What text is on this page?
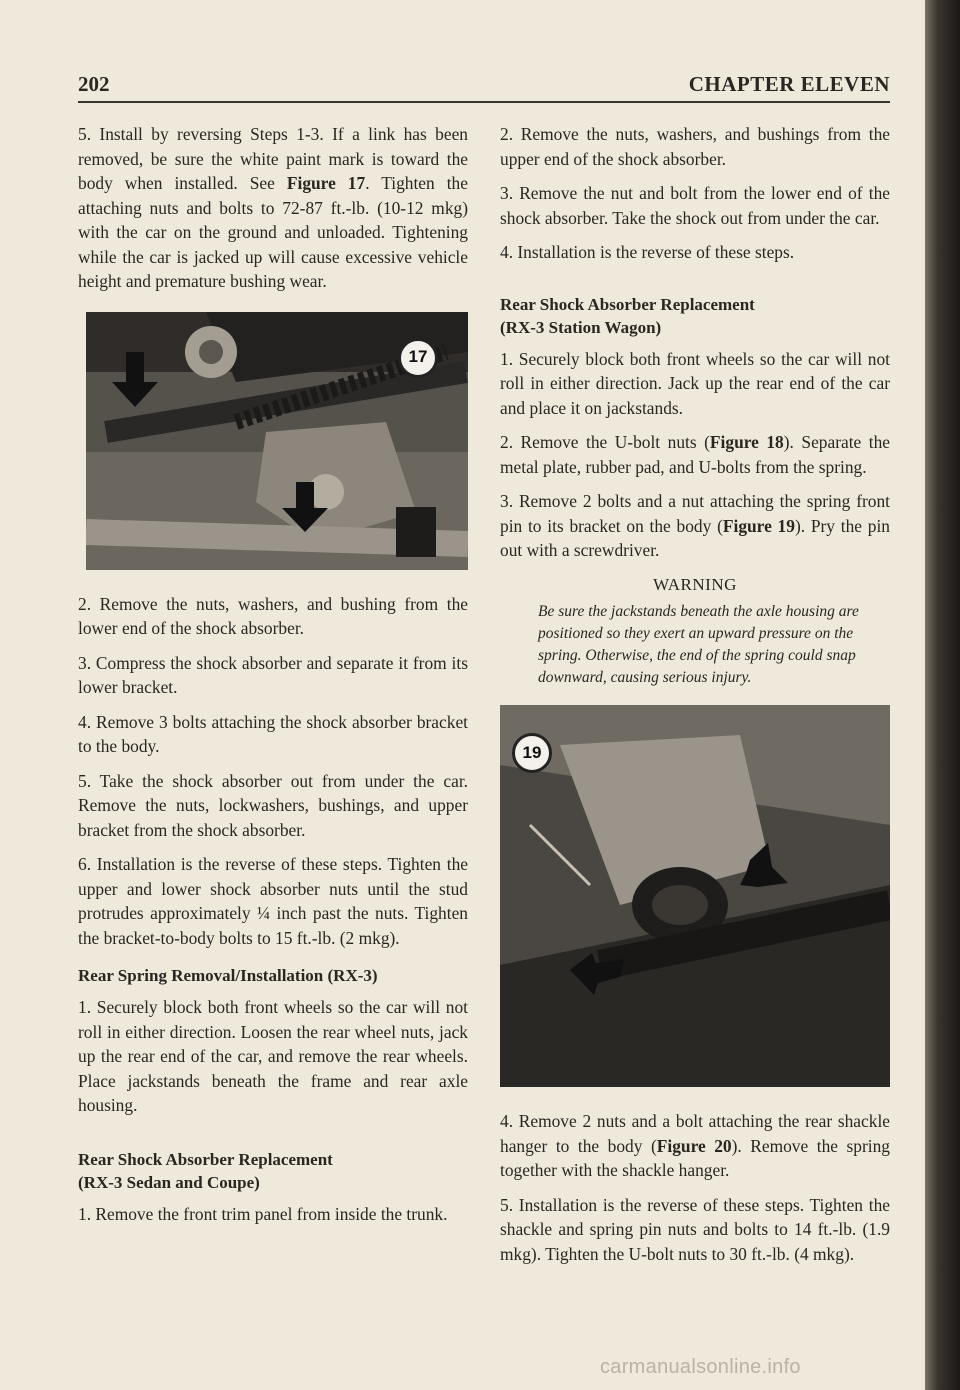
202	CHAPTER ELEVEN

5. Install by reversing Steps 1-3. If a link has been removed, be sure the white paint mark is toward the body when installed. See Figure 17. Tighten the attaching nuts and bolts to 72-87 ft.-lb. (10-12 mkg) with the car on the ground and unloaded. Tightening while the car is jacked up will cause excessive vehicle height and premature bushing wear.

17

2. Remove the nuts, washers, and bushing from the lower end of the shock absorber.

3. Compress the shock absorber and separate it from its lower bracket.

4. Remove 3 bolts attaching the shock absorber bracket to the body.

5. Take the shock absorber out from under the car. Remove the nuts, lockwashers, bushings, and upper bracket from the shock absorber.

6. Installation is the reverse of these steps. Tighten the upper and lower shock absorber nuts until the stud protrudes approximately ¼ inch past the nuts. Tighten the bracket-to-body bolts to 15 ft.-lb. (2 mkg).

Rear Spring Removal/Installation (RX-3)

1. Securely block both front wheels so the car will not roll in either direction. Loosen the rear wheel nuts, jack up the rear end of the car, and remove the rear wheels. Place jackstands beneath the frame and rear axle housing.

Rear Shock Absorber Replacement
(RX-3 Sedan and Coupe)

1. Remove the front trim panel from inside the trunk.

2. Remove the nuts, washers, and bushings from the upper end of the shock absorber.

3. Remove the nut and bolt from the lower end of the shock absorber. Take the shock out from under the car.

4. Installation is the reverse of these steps.

Rear Shock Absorber Replacement
(RX-3 Station Wagon)

1. Securely block both front wheels so the car will not roll in either direction. Jack up the rear end of the car and place it on jackstands.

2. Remove the U-bolt nuts (Figure 18). Separate the metal plate, rubber pad, and U-bolts from the spring.

3. Remove 2 bolts and a nut attaching the spring front pin to its bracket on the body (Figure 19). Pry the pin out with a screwdriver.

WARNING

Be sure the jackstands beneath the axle housing are positioned so they exert an upward pressure on the spring. Otherwise, the end of the spring could snap downward, causing serious injury.

19

4. Remove 2 nuts and a bolt attaching the rear shackle hanger to the body (Figure 20). Remove the spring together with the shackle hanger.

5. Installation is the reverse of these steps. Tighten the shackle and spring pin nuts and bolts to 14 ft.-lb. (1.9 mkg). Tighten the U-bolt nuts to 30 ft.-lb. (4 mkg).

carmanualsonline.info
